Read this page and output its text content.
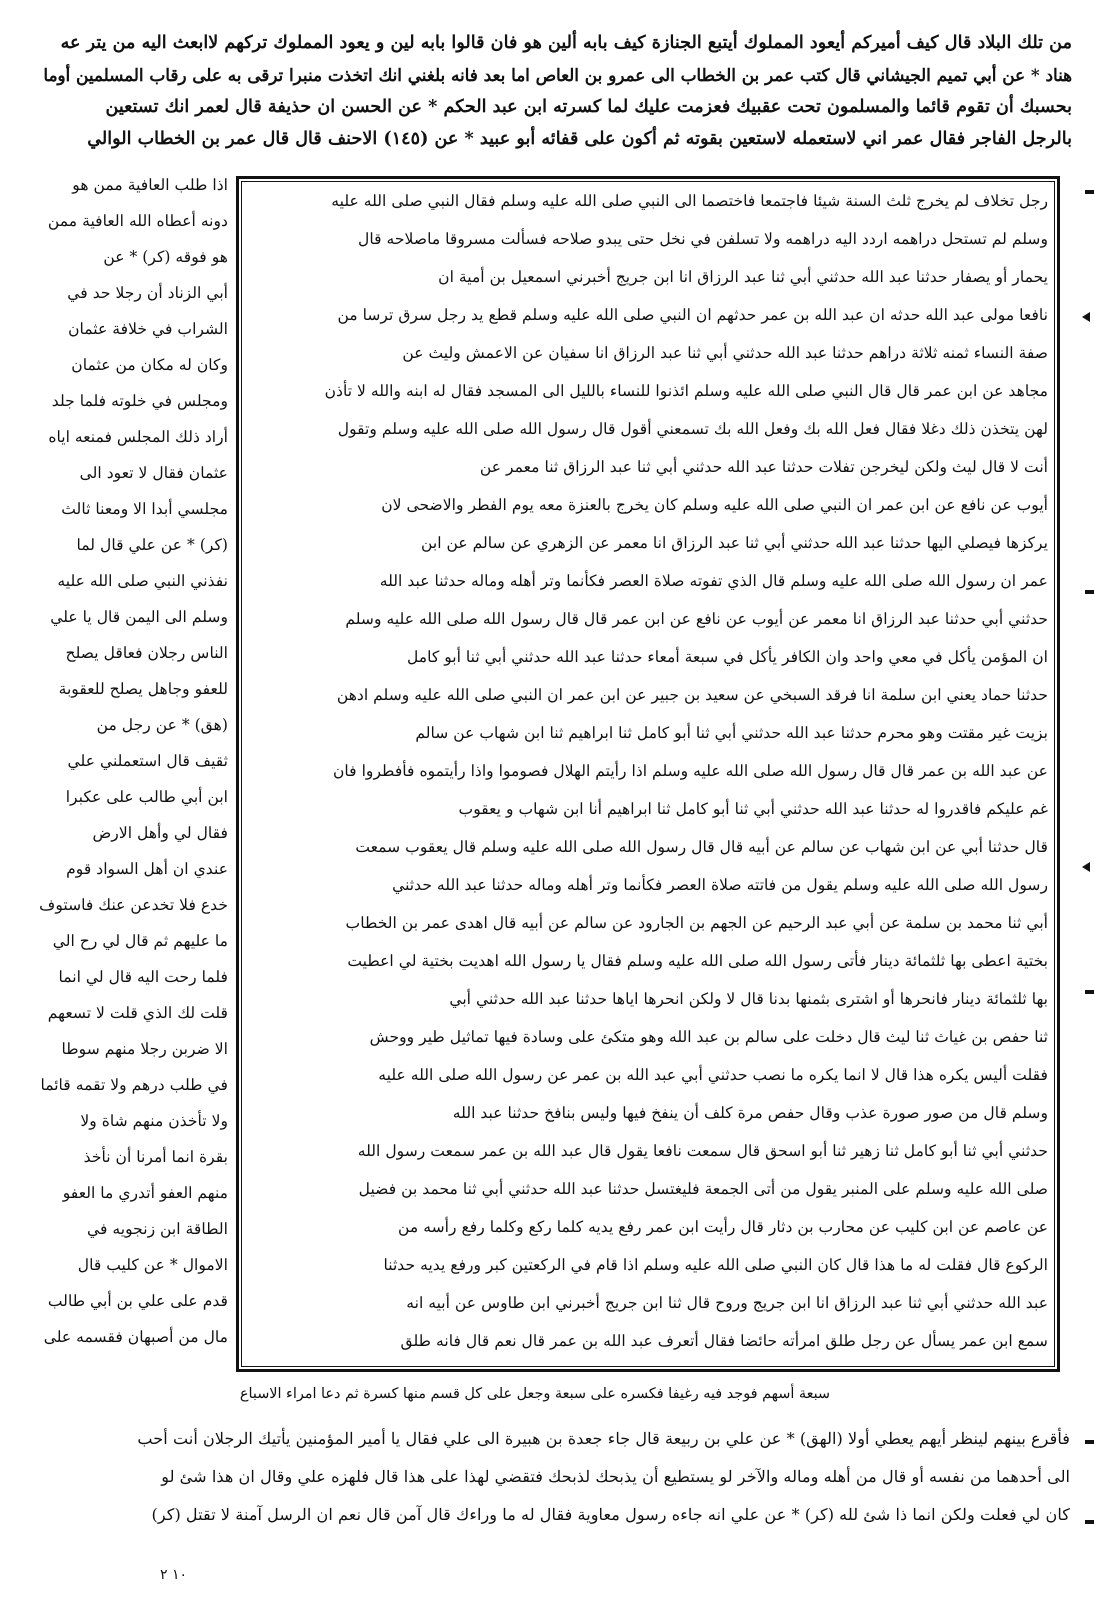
من تلك البلاد قال كيف أميركم أيعود المملوك أيتبع الجنازة كيف بابه ألين هو فان قالوا بابه لين و يعود المملوك تركهم لاابعث اليه من يتر عه
هناد * عن أبي تميم الجيشاني قال كتب عمر بن الخطاب الى عمرو بن العاص اما بعد فانه بلغني انك اتخذت منبرا ترقى به على رقاب المسلمين أوما
بحسبك أن تقوم قائما والمسلمون تحت عقبيك فعزمت عليك لما كسرته ابن عبد الحكم * عن الحسن ان حذيفة قال لعمر انك تستعين
بالرجل الفاجر فقال عمر اني لاستعمله لاستعين بقوته ثم أكون على قفائه أبو عبيد * عن (١٤٥) الاحنف قال قال عمر بن الخطاب الوالي
رجل تخلاف لم يخرج ثلث السنة شيئا فاجتمعا فاختصما الى النبي صلى الله عليه وسلم فقال النبي صلى الله عليه
وسلم لم تستحل دراهمه اردد اليه دراهمه ولا تسلفن في نخل حتى يبدو صلاحه فسألت مسروقا ماصلاحه قال
يحمار أو يصفار حدثنا عبد الله حدثني أبي ثنا عبد الرزاق انا ابن جريج أخبرني اسمعيل بن أمية ان
نافعا مولى عبد الله حدثه ان عبد الله بن عمر حدثهم ان النبي صلى الله عليه وسلم قطع يد رجل سرق ترسا من
صفة النساء ثمنه ثلاثة دراهم حدثنا عبد الله حدثني أبي ثنا عبد الرزاق انا سفيان عن الاعمش وليث عن
مجاهد عن ابن عمر قال قال النبي صلى الله عليه وسلم ائذنوا للنساء بالليل الى المسجد فقال له ابنه والله لا تأذن
لهن يتخذن ذلك دغلا فقال فعل الله بك وفعل الله بك تسمعني أقول قال رسول الله صلى الله عليه وسلم وتقول
أنت لا قال ليث ولكن ليخرجن تفلات حدثنا عبد الله حدثني أبي ثنا عبد الرزاق ثنا معمر عن
أيوب عن نافع عن ابن عمر ان النبي صلى الله عليه وسلم كان يخرج بالعنزة معه يوم الفطر والاضحى لان
يركزها فيصلي اليها حدثنا عبد الله حدثني أبي ثنا عبد الرزاق انا معمر عن الزهري عن سالم عن ابن
عمر ان رسول الله صلى الله عليه وسلم قال الذي تفوته صلاة العصر فكأنما وتر أهله وماله حدثنا عبد الله
حدثني أبي حدثنا عبد الرزاق انا معمر عن أيوب عن نافع عن ابن عمر قال قال رسول الله صلى الله عليه وسلم
ان المؤمن يأكل في معي واحد وان الكافر يأكل في سبعة أمعاء حدثنا عبد الله حدثني أبي ثنا أبو كامل
حدثنا حماد يعني ابن سلمة انا فرقد السبخي عن سعيد بن جبير عن ابن عمر ان النبي صلى الله عليه وسلم ادهن
بزيت غير مقتت وهو محرم حدثنا عبد الله حدثني أبي ثنا أبو كامل ثنا ابراهيم ثنا ابن شهاب عن سالم
عن عبد الله بن عمر قال قال رسول الله صلى الله عليه وسلم اذا رأيتم الهلال فصوموا واذا رأيتموه فأفطروا فان
غم عليكم فاقدروا له حدثنا عبد الله حدثني أبي ثنا أبو كامل ثنا ابراهيم أنا ابن شهاب و يعقوب
قال حدثنا أبي عن ابن شهاب عن سالم عن أبيه قال قال رسول الله صلى الله عليه وسلم قال يعقوب سمعت
رسول الله صلى الله عليه وسلم يقول من فاتته صلاة العصر فكأنما وتر أهله وماله حدثنا عبد الله حدثني
أبي ثنا محمد بن سلمة عن أبي عبد الرحيم عن الجهم بن الجارود عن سالم عن أبيه قال اهدى عمر بن الخطاب
بختية اعطى بها ثلثمائة دينار فأتى رسول الله صلى الله عليه وسلم فقال يا رسول الله اهديت بختية لي اعطيت
بها ثلثمائة دينار فانحرها أو اشترى بثمنها بدنا قال لا ولكن انحرها اياها حدثنا عبد الله حدثني أبي
ثنا حفص بن غياث ثنا ليث قال دخلت على سالم بن عبد الله وهو متكئ على وسادة فيها تماثيل طير ووحش
فقلت أليس يكره هذا قال لا انما يكره ما نصب حدثني أبي عبد الله بن عمر عن رسول الله صلى الله عليه
وسلم قال من صور صورة عذب وقال حفص مرة كلف أن ينفخ فيها وليس بنافخ حدثنا عبد الله
حدثني أبي ثنا أبو كامل ثنا زهير ثنا أبو اسحق قال سمعت نافعا يقول قال عبد الله بن عمر سمعت رسول الله
صلى الله عليه وسلم على المنبر يقول من أتى الجمعة فليغتسل حدثنا عبد الله حدثني أبي ثنا محمد بن فضيل
عن عاصم عن ابن كليب عن محارب بن دثار قال رأيت ابن عمر رفع يديه كلما ركع وكلما رفع رأسه من
الركوع قال فقلت له ما هذا قال كان النبي صلى الله عليه وسلم اذا قام في الركعتين كبر ورفع يديه حدثنا
عبد الله حدثني أبي ثنا عبد الرزاق انا ابن جريج وروح قال ثنا ابن جريج أخبرني ابن طاوس عن أبيه انه
سمع ابن عمر يسأل عن رجل طلق امرأته حائضا فقال أتعرف عبد الله بن عمر قال نعم قال فانه طلق
اذا طلب العافية ممن هو
دونه أعطاه الله العافية ممن
هو فوقه (كر) * عن
أبي الزناد أن رجلا حد في
الشراب في خلافة عثمان
وكان له مكان من عثمان
ومجلس في خلوته فلما جلد
أراد ذلك المجلس فمنعه اياه
عثمان فقال لا تعود الى
مجلسي أبدا الا ومعنا ثالث
(كر) * عن علي قال لما
نفذني النبي صلى الله عليه
وسلم الى اليمن قال يا علي
الناس رجلان فعاقل يصلح
للعفو وجاهل يصلح للعقوبة
(هق) * عن رجل من
ثقيف قال استعملني علي
ابن أبي طالب على عكبرا
فقال لي وأهل الارض
عندي ان أهل السواد قوم
خدع فلا تخدعن عنك فاستوف
ما عليهم ثم قال لي رح الي
فلما رحت اليه قال لي انما
قلت لك الذي قلت لا تسعهم
الا ضربن رجلا منهم سوطا
في طلب درهم ولا تقمه قائما
ولا تأخذن منهم شاة ولا
بقرة انما أمرنا أن نأخذ
منهم العفو أتدري ما العفو
الطاقة ابن زنجويه في
الاموال * عن كليب قال
قدم على علي بن أبي طالب
مال من أصبهان فقسمه على
سبعة أسهم فوجد فيه رغيفا فكسره على سبعة وجعل على كل قسم منها كسرة ثم دعا امراء الاسباع
فأقرع بينهم لينظر أيهم يعطي أولا (الهق) * عن علي بن ربيعة قال جاء جعدة بن هبيرة الى علي فقال يا أمير المؤمنين يأتيك الرجلان أنت أحب
الى أحدهما من نفسه أو قال من أهله وماله والآخر لو يستطيع أن يذبحك لذبحك فتقضي لهذا على هذا قال فلهزه علي وقال ان هذا شئ لو
كان لي فعلت ولكن انما ذا شئ لله (كر) * عن علي انه جاءه رسول معاوية فقال له ما وراءك قال آمن قال نعم ان الرسل آمنة لا تقتل (كر)
١٠ ٢
